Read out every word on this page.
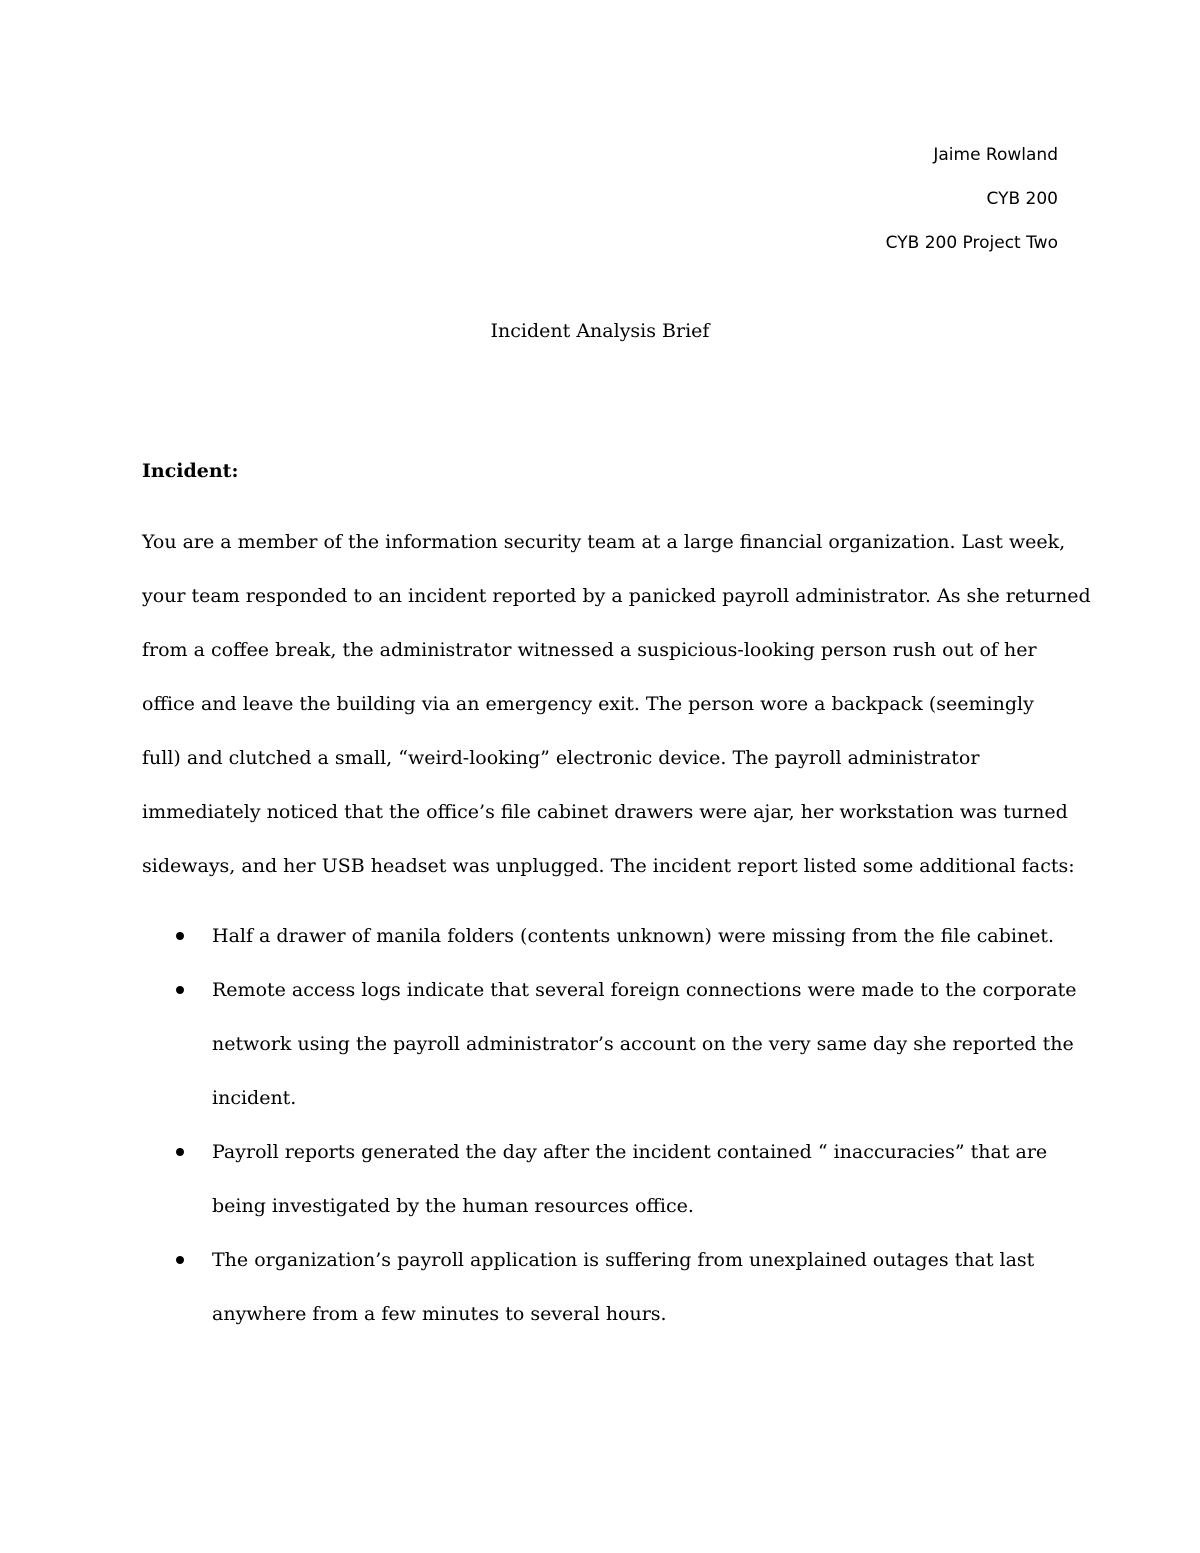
Jaime Rowland
CYB 200
CYB 200 Project Two
Incident Analysis Brief
Incident:
You are a member of the information security team at a large financial organization. Last week,
your team responded to an incident reported by a panicked payroll administrator. As she returned
from a coffee break, the administrator witnessed a suspicious-looking person rush out of her
office and leave the building via an emergency exit. The person wore a backpack (seemingly
full) and clutched a small, “weird-looking” electronic device. The payroll administrator
immediately noticed that the office’s file cabinet drawers were ajar, her workstation was turned
sideways, and her USB headset was unplugged. The incident report listed some additional facts:
Half a drawer of manila folders (contents unknown) were missing from the file cabinet.
Remote access logs indicate that several foreign connections were made to the corporate
network using the payroll administrator’s account on the very same day she reported the
incident.
Payroll reports generated the day after the incident contained “ inaccuracies” that are
being investigated by the human resources office.
The organization’s payroll application is suffering from unexplained outages that last
anywhere from a few minutes to several hours.
